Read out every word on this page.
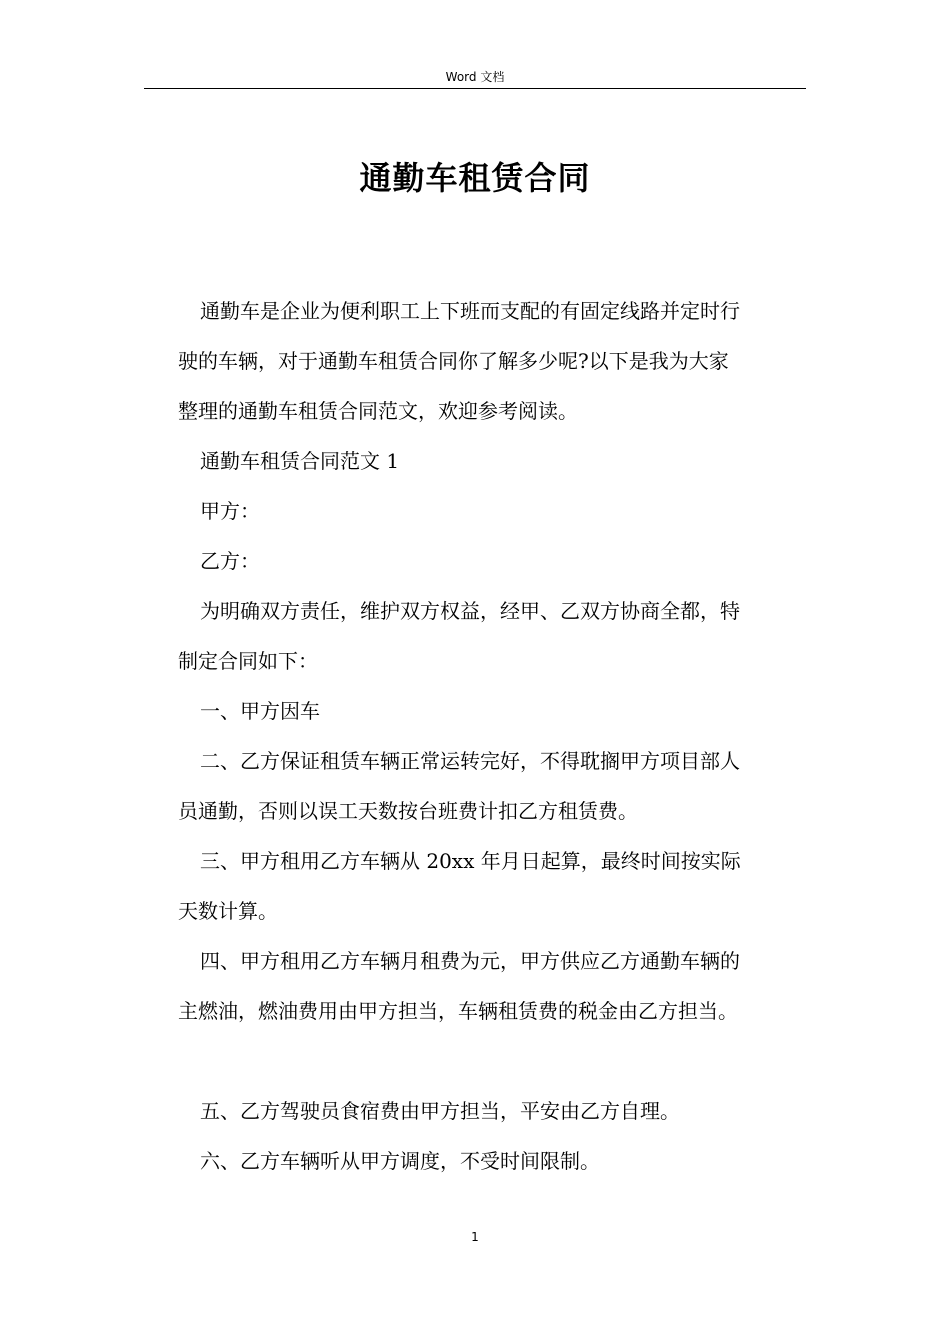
Word 文档
通勤车租赁合同

通勤车是企业为便利职工上下班而支配的有固定线路并定时行
驶的车辆，对于通勤车租赁合同你了解多少呢?以下是我为大家
整理的通勤车租赁合同范文，欢迎参考阅读。

通勤车租赁合同范文 1

甲方：

乙方：

为明确双方责任，维护双方权益，经甲、乙双方协商全都，特
制定合同如下：

一、甲方因车

二、乙方保证租赁车辆正常运转完好，不得耽搁甲方项目部人
员通勤，否则以误工天数按台班费计扣乙方租赁费。

三、甲方租用乙方车辆从 20xx 年月日起算，最终时间按实际
天数计算。

四、甲方租用乙方车辆月租费为元，甲方供应乙方通勤车辆的
主燃油，燃油费用由甲方担当，车辆租赁费的税金由乙方担当。

五、乙方驾驶员食宿费由甲方担当，平安由乙方自理。

六、乙方车辆听从甲方调度，不受时间限制。

1
